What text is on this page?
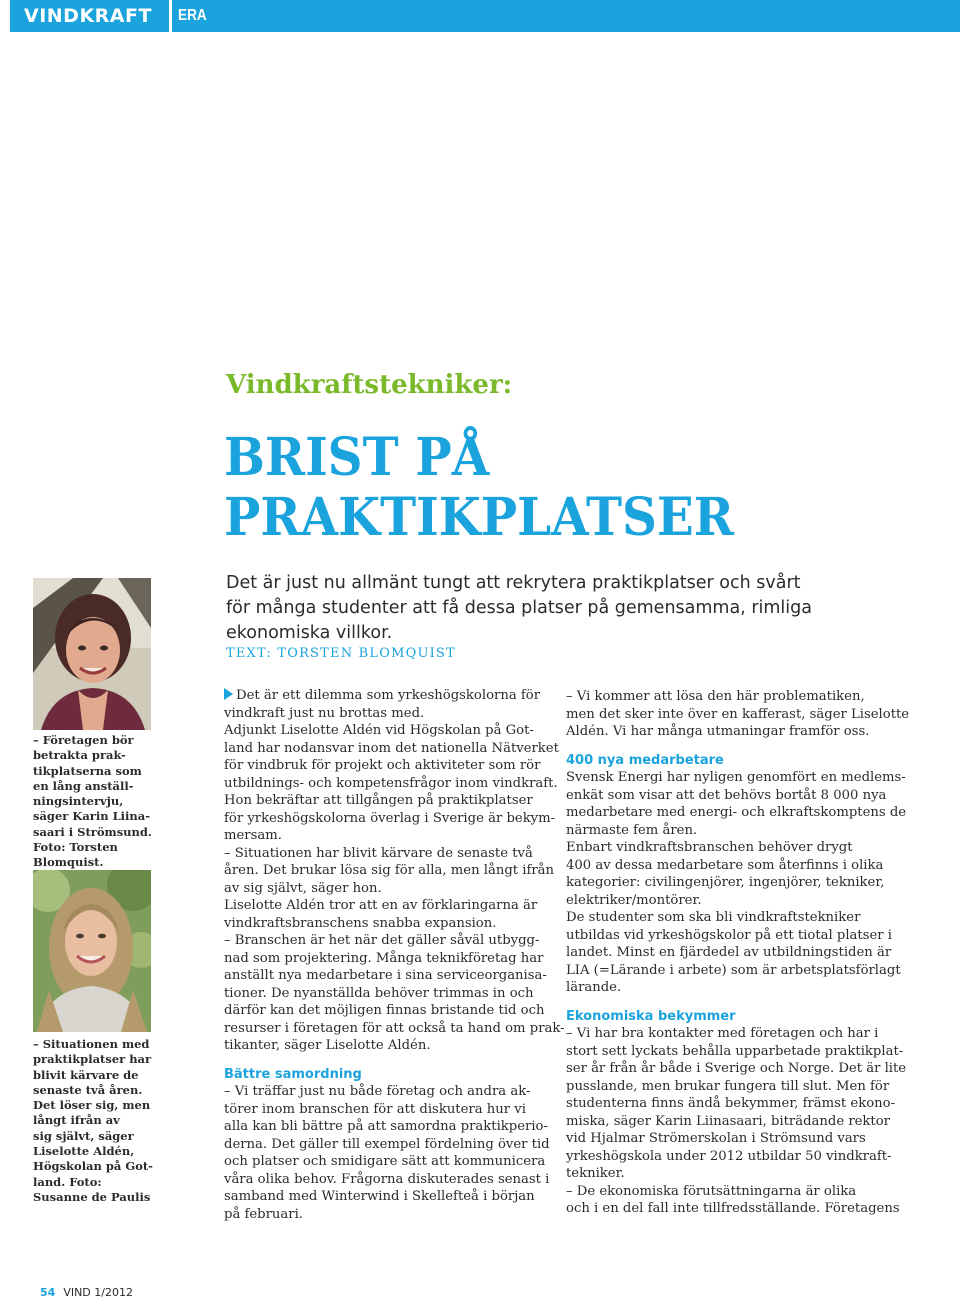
VINDKRAFT ERA
Vindkraftstekniker:
BRIST PÅ
PRAKTIKPLATSER
Det är just nu allmänt tungt att rekrytera praktikplatser och svårt
för många studenter att få dessa platser på gemensamma, rimliga
ekonomiska villkor.
TEXT: TORSTEN BLOMQUIST
– Företagen bör
betrakta prak-
tikplatserna som
en lång anställ-
ningsintervju,
säger Karin Liina-
saari i Strömsund.
Foto: Torsten
Blomquist.
– Situationen med
praktikplatser har
blivit kärvare de
senaste två åren.
Det löser sig, men
långt ifrån av
sig självt, säger
Liselotte Aldén,
Högskolan på Got-
land. Foto:
Susanne de Paulis
Det är ett dilemma som yrkeshögskolorna för
vindkraft just nu brottas med.
Adjunkt Liselotte Aldén vid Högskolan på Got-
land har nodansvar inom det nationella Nätverket
för vindbruk för projekt och aktiviteter som rör
utbildnings- och kompetensfrågor inom vindkraft.
Hon bekräftar att tillgången på praktikplatser
för yrkeshögskolorna överlag i Sverige är bekym-
mersam.
– Situationen har blivit kärvare de senaste två
åren. Det brukar lösa sig för alla, men långt ifrån
av sig självt, säger hon.
Liselotte Aldén tror att en av förklaringarna är
vindkraftsbranschens snabba expansion.
– Branschen är het när det gäller såväl utbygg-
nad som projektering. Många teknikföretag har
anställt nya medarbetare i sina serviceorganisa-
tioner. De nyanställda behöver trimmas in och
därför kan det möjligen finnas bristande tid och
resurser i företagen för att också ta hand om prak-
tikanter, säger Liselotte Aldén.
Bättre samordning
– Vi träffar just nu både företag och andra ak-
törer inom branschen för att diskutera hur vi
alla kan bli bättre på att samordna praktikperio-
derna. Det gäller till exempel fördelning över tid
och platser och smidigare sätt att kommunicera
våra olika behov. Frågorna diskuterades senast i
samband med Winterwind i Skellefteå i början
på februari.
– Vi kommer att lösa den här problematiken,
men det sker inte över en kafferast, säger Liselotte
Aldén. Vi har många utmaningar framför oss.
400 nya medarbetare
Svensk Energi har nyligen genomfört en medlems-
enkät som visar att det behövs bortåt 8 000 nya
medarbetare med energi- och elkraftskomptens de
närmaste fem åren.
Enbart vindkraftsbranschen behöver drygt
400 av dessa medarbetare som återfinns i olika
kategorier: civilingenjörer, ingenjörer, tekniker,
elektriker/montörer.
De studenter som ska bli vindkraftstekniker
utbildas vid yrkeshögskolor på ett tiotal platser i
landet. Minst en fjärdedel av utbildningstiden är
LIA (=Lärande i arbete) som är arbetsplatsförlagt
lärande.
Ekonomiska bekymmer
– Vi har bra kontakter med företagen och har i
stort sett lyckats behålla upparbetade praktikplat-
ser år från år både i Sverige och Norge. Det är lite
pusslande, men brukar fungera till slut. Men för
studenterna finns ändå bekymmer, främst ekono-
miska, säger Karin Liinasaari, biträdande rektor
vid Hjalmar Strömerskolan i Strömsund vars
yrkeshögskola under 2012 utbildar 50 vindkraft-
tekniker.
– De ekonomiska förutsättningarna är olika
och i en del fall inte tillfredsställande. Företagens
54 VIND 1/2012
